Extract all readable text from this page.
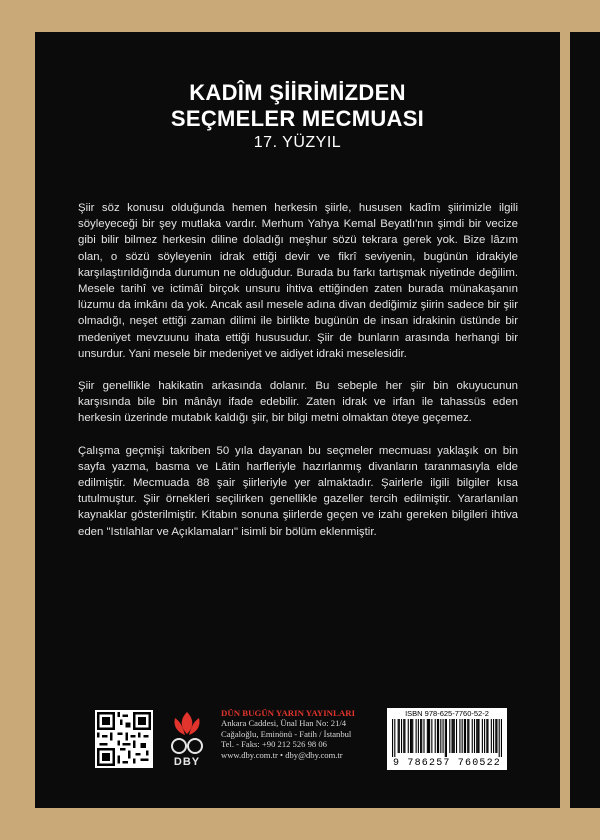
KADÎM ŞİİRİMİZDEN
SEÇMELER MECMUASI
17. YÜZYIL

Şiir söz konusu olduğunda hemen herkesin şiirle, hususen kadîm şiirimizle ilgili söyleyeceği bir şey mutlaka vardır. Merhum Yahya Kemal Beyatlı'nın şimdi bir vecize gibi bilir bilmez herkesin diline doladığı meşhur sözü tekrara gerek yok. Bize lâzım olan, o sözü söyleyenin idrak ettiği devir ve fikrî seviyenin, bugünün idrakiyle karşılaştırıldığında durumun ne olduğudur. Burada bu farkı tartışmak niyetinde değilim. Mesele tarihî ve ictimâî birçok unsuru ihtiva ettiğinden zaten burada münakaşanın lüzumu da imkânı da yok. Ancak asıl mesele adına divan dediğimiz şiirin sadece bir şiir olmadığı, neşet ettiği zaman dilimi ile birlikte bugünün de insan idrakinin üstünde bir medeniyet mevzuunu ihata ettiği hususudur. Şiir de bunların arasında herhangi bir unsurdur. Yani mesele bir medeniyet ve aidiyet idraki meselesidir.

Şiir genellikle hakikatin arkasında dolanır. Bu sebeple her şiir bin okuyucunun karşısında bile bin mânâyı ifade edebilir. Zaten idrak ve irfan ile tahassüs eden herkesin üzerinde mutabık kaldığı şiir, bir bilgi metni olmaktan öteye geçemez.

Çalışma geçmişi takriben 50 yıla dayanan bu seçmeler mecmuası yaklaşık on bin sayfa yazma, basma ve Lâtin harfleriyle hazırlanmış divanların taranmasıyla elde edilmiştir. Mecmuada 88 şair şiirleriyle yer almaktadır. Şairlerle ilgili bilgiler kısa tutulmuştur. Şiir örnekleri seçilirken genellikle gazeller tercih edilmiştir. Yararlanılan kaynaklar gösterilmiştir. Kitabın sonuna şiirlerde geçen ve izahı gereken bilgileri ihtiva eden "Istılahlar ve Açıklamaları" isimli bir bölüm eklenmiştir.

DBY
DÜN BUGÜN YARIN YAYINLARI
Ankara Caddesi, Ünal Han No: 21/4
Cağaloğlu, Eminönü - Fatih / İstanbul
Tel. - Faks: +90 212 526 98 06
www.dby.com.tr • dby@dby.com.tr
ISBN 978-625-7760-52-2
9 786257 760522
